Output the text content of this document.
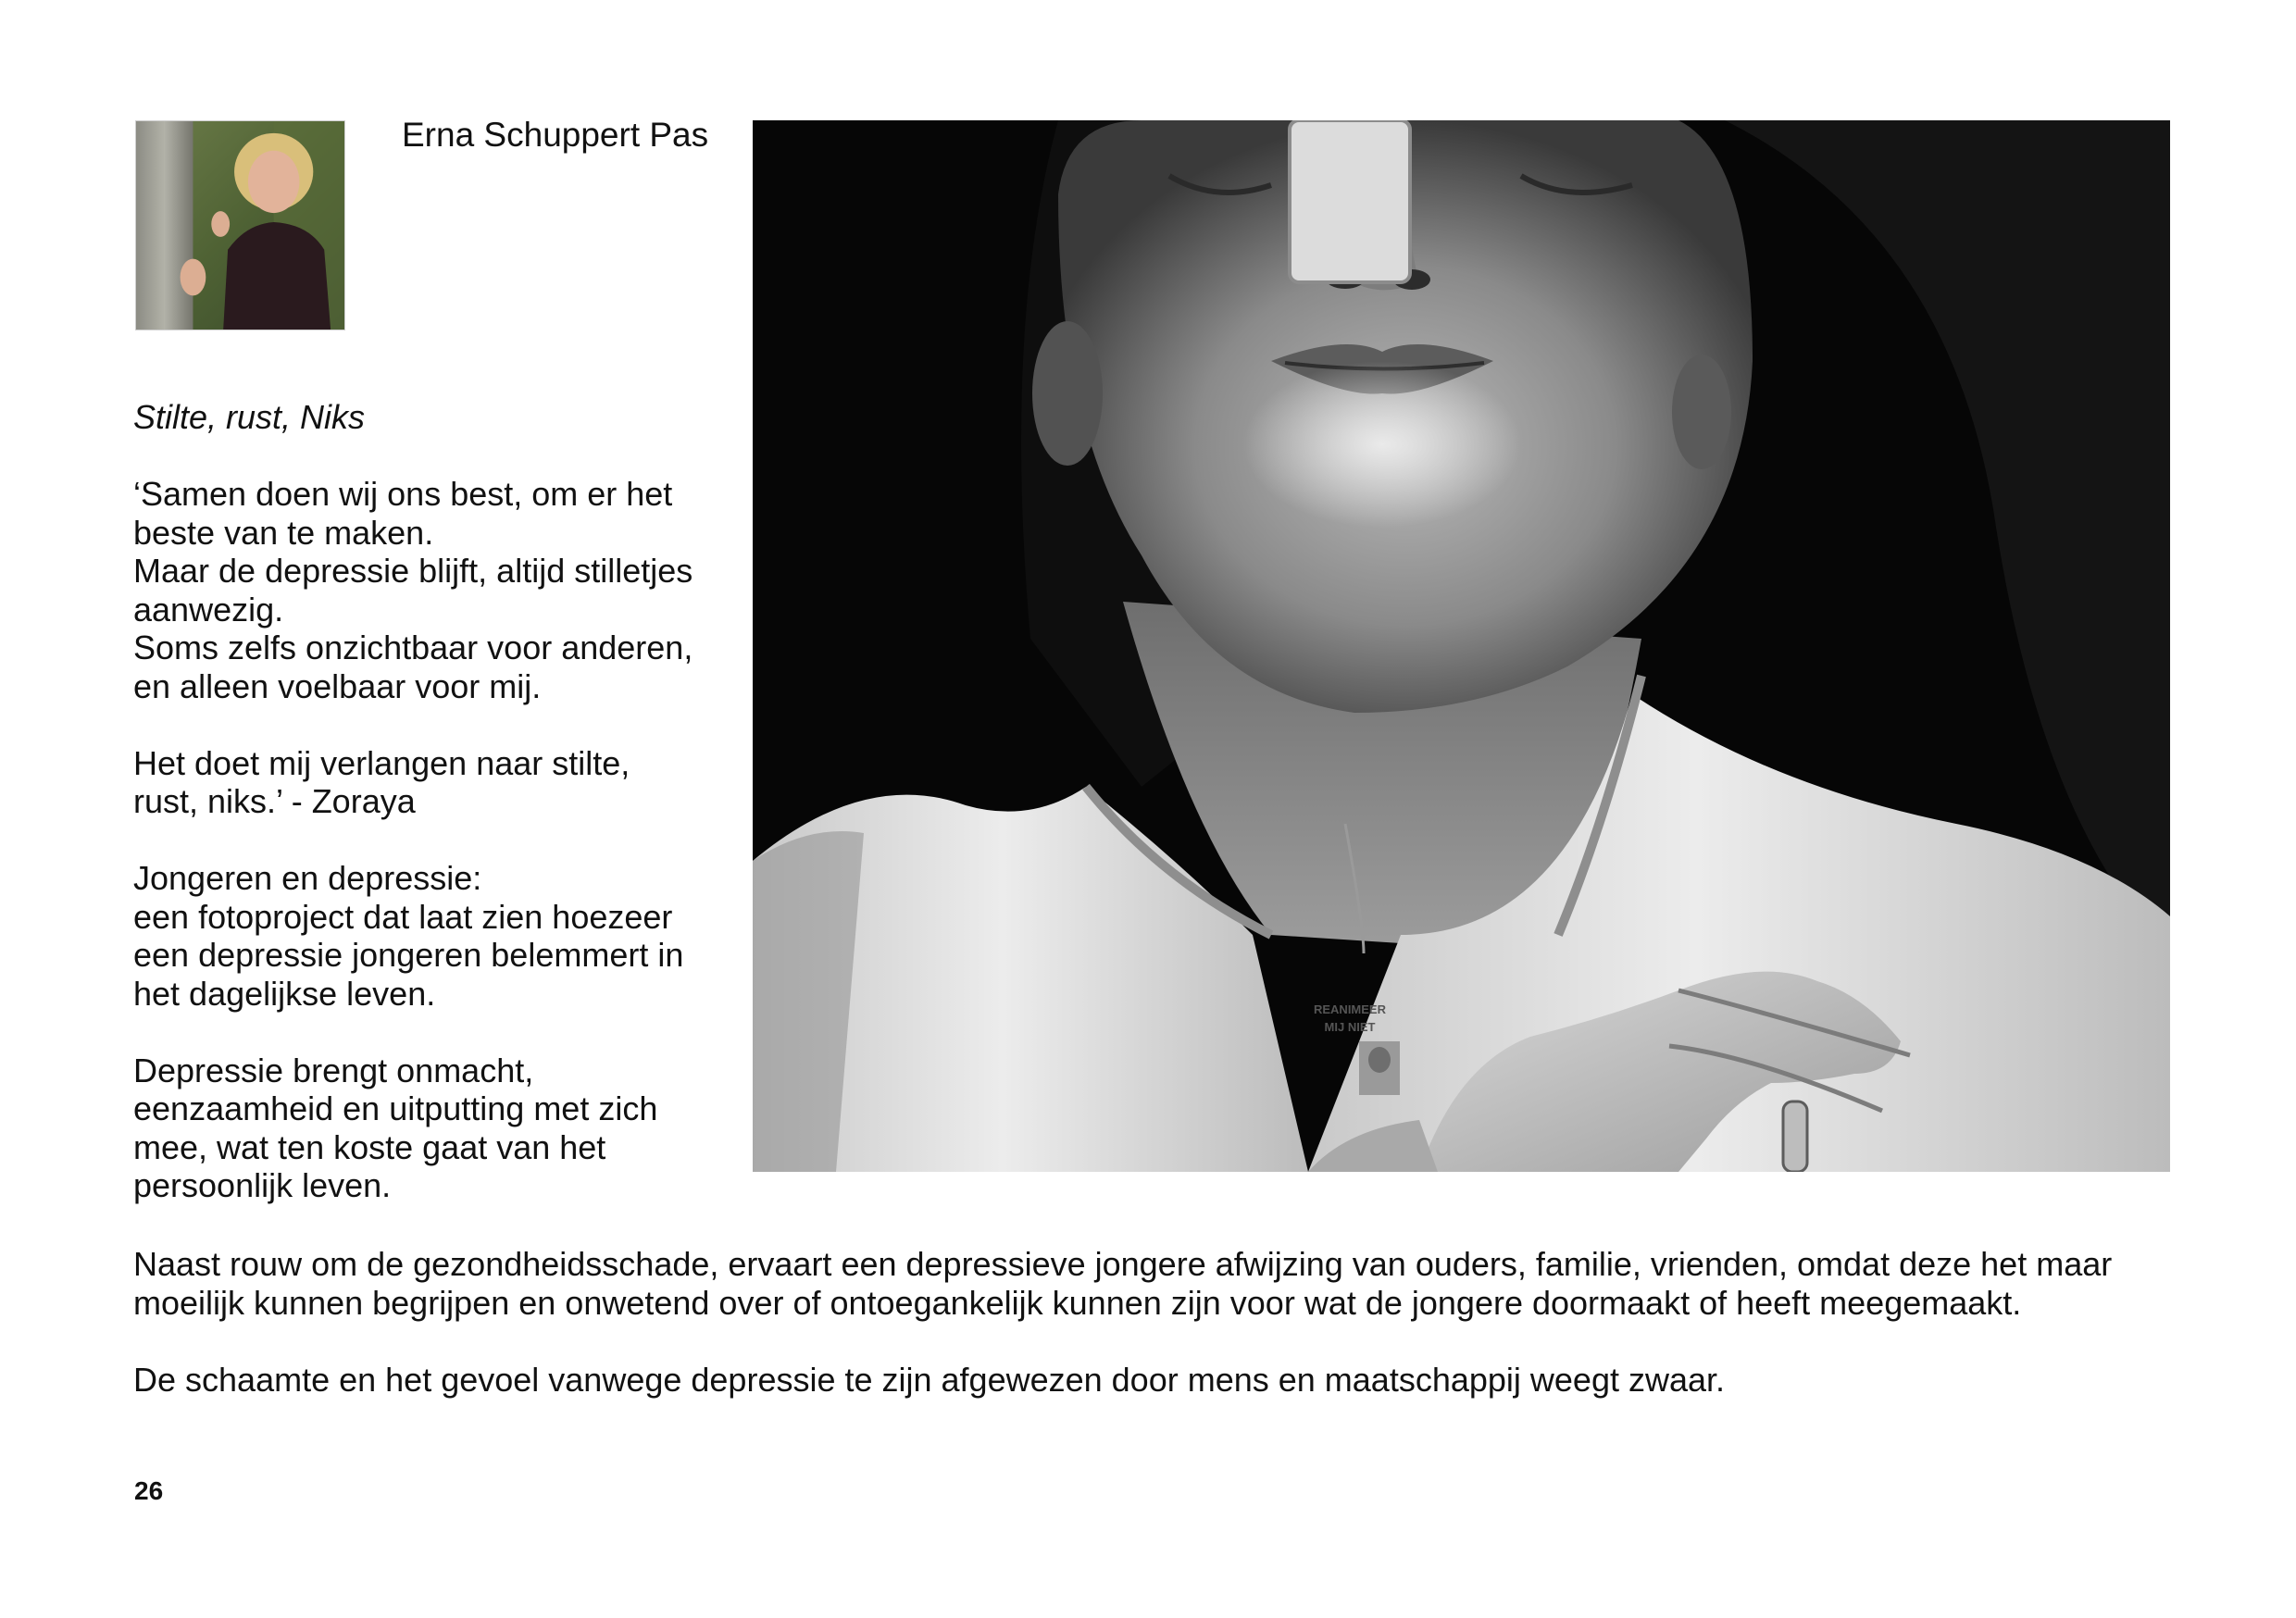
Erna Schuppert Pas
REANIMEER
MIJ NIET

Stilte, rust, Niks

‘Samen doen wij ons best, om er het
beste van te maken.
Maar de depressie blijft, altijd stilletjes
aanwezig.
Soms zelfs onzichtbaar voor anderen,
en alleen voelbaar voor mij.

Het doet mij verlangen naar stilte,
rust, niks.’ - Zoraya

Jongeren en depressie:
een fotoproject dat laat zien hoezeer
een depressie jongeren belemmert in
het dagelijkse leven.

Depressie brengt onmacht,
eenzaamheid en uitputting met zich
mee, wat ten koste gaat van het
persoonlijk leven.

Naast rouw om de gezondheidsschade, ervaart een depressieve jongere afwijzing van ouders, familie, vrienden, omdat deze het maar
moeilijk kunnen begrijpen en onwetend over of ontoegankelijk kunnen zijn voor wat de jongere doormaakt of heeft meegemaakt.

De schaamte en het gevoel vanwege depressie te zijn afgewezen door mens en maatschappij weegt zwaar.

26
